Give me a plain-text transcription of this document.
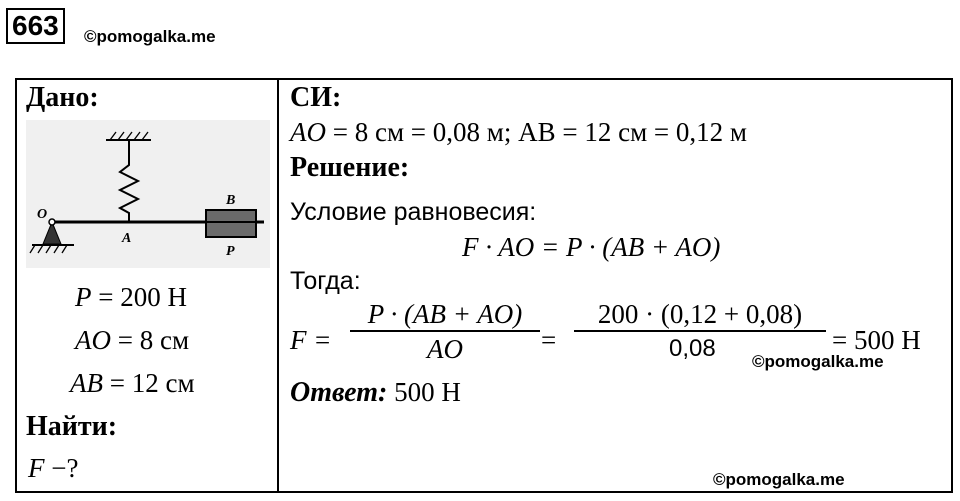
663	©pomogalka.me
Дано:
O
A
B
P
P = 200 Н
AO = 8 см
AB = 12 см
Найти:
F −?
СИ:
AO = 8 см = 0,08 м; AB = 12 см = 0,12 м
Решение:
Условие равновесия:
F · AO = P · (AB + AO)
Тогда:
F =
P · (AB + AO)
AO	=
200 · (0,12 + 0,08)
0,08	= 500 Н
©pomogalka.me
Ответ: 500 Н
©pomogalka.me
